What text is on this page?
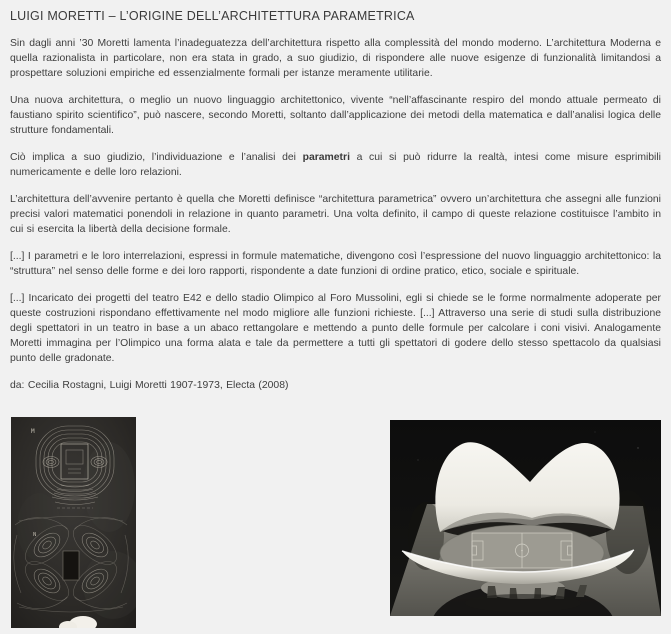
LUIGI MORETTI – L’ORIGINE DELL’ARCHITETTURA PARAMETRICA

Sin dagli anni ’30 Moretti lamenta l’inadeguatezza dell’architettura rispetto alla complessità del mondo moderno. L’architettura Moderna e quella razionalista in particolare, non era stata in grado, a suo giudizio, di rispondere alle nuove esigenze di funzionalità limitandosi a prospettare soluzioni empiriche ed essenzialmente formali per istanze meramente utilitarie.

Una nuova architettura, o meglio un nuovo linguaggio architettonico, vivente “nell’affascinante respiro del mondo attuale permeato di faustiano spirito scientifico”, può nascere, secondo Moretti, soltanto dall’applicazione dei metodi della matematica e dall’analisi logica delle strutture fondamentali.

Ciò implica a suo giudizio, l’individuazione e l’analisi dei parametri a cui si può ridurre la realtà, intesi come misure esprimibili numericamente e delle loro relazioni.

L’architettura dell’avvenire pertanto è quella che Moretti definisce “architettura parametrica” ovvero un’architettura che assegni alle funzioni precisi valori matematici ponendoli in relazione in quanto parametri. Una volta definito, il campo di queste relazione costituisce l’ambito in cui si esercita la libertà della decisione formale.

[...] I parametri e le loro interrelazioni, espressi in formule matematiche, divengono così l’espressione del nuovo linguaggio architettonico: la “struttura” nel senso delle forme e dei loro rapporti, rispondente a date funzioni di ordine pratico, etico, sociale e spirituale.

[...] Incaricato dei progetti del teatro E42 e dello stadio Olimpico al Foro Mussolini, egli si chiede se le forme normalmente adoperate per queste costruzioni rispondano effettivamente nel modo migliore alle funzioni richieste. [...] Attraverso una serie di studi sulla distribuzione degli spettatori in un teatro in base a un abaco rettangolare e mettendo a punto delle formule per calcolare i coni visivi. Analogamente Moretti immagina per l’Olimpico una forma alata e tale da permettere a tutti gli spettatori di godere dello stesso spettacolo da qualsiasi punto delle gradonate.

da: Cecilia Rostagni, Luigi Moretti 1907-1973, Electa (2008)

M
N
